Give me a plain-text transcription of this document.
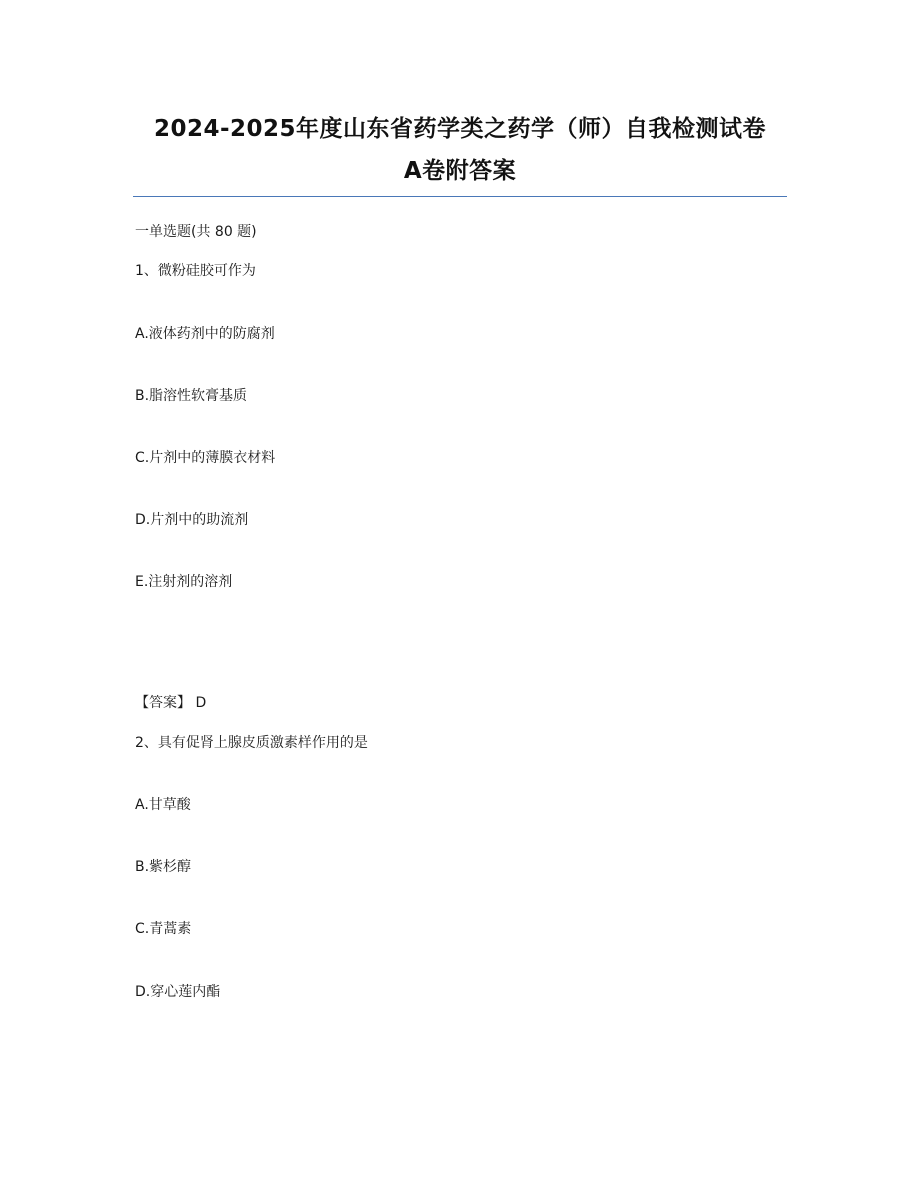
2024-2025年度山东省药学类之药学（师）自我检测试卷
A卷附答案
一单选题(共 80 题)
1、微粉硅胶可作为
A.液体药剂中的防腐剂
B.脂溶性软膏基质
C.片剂中的薄膜衣材料
D.片剂中的助流剂
E.注射剂的溶剂
【答案】 D
2、具有促肾上腺皮质激素样作用的是
A.甘草酸
B.紫杉醇
C.青蒿素
D.穿心莲内酯
